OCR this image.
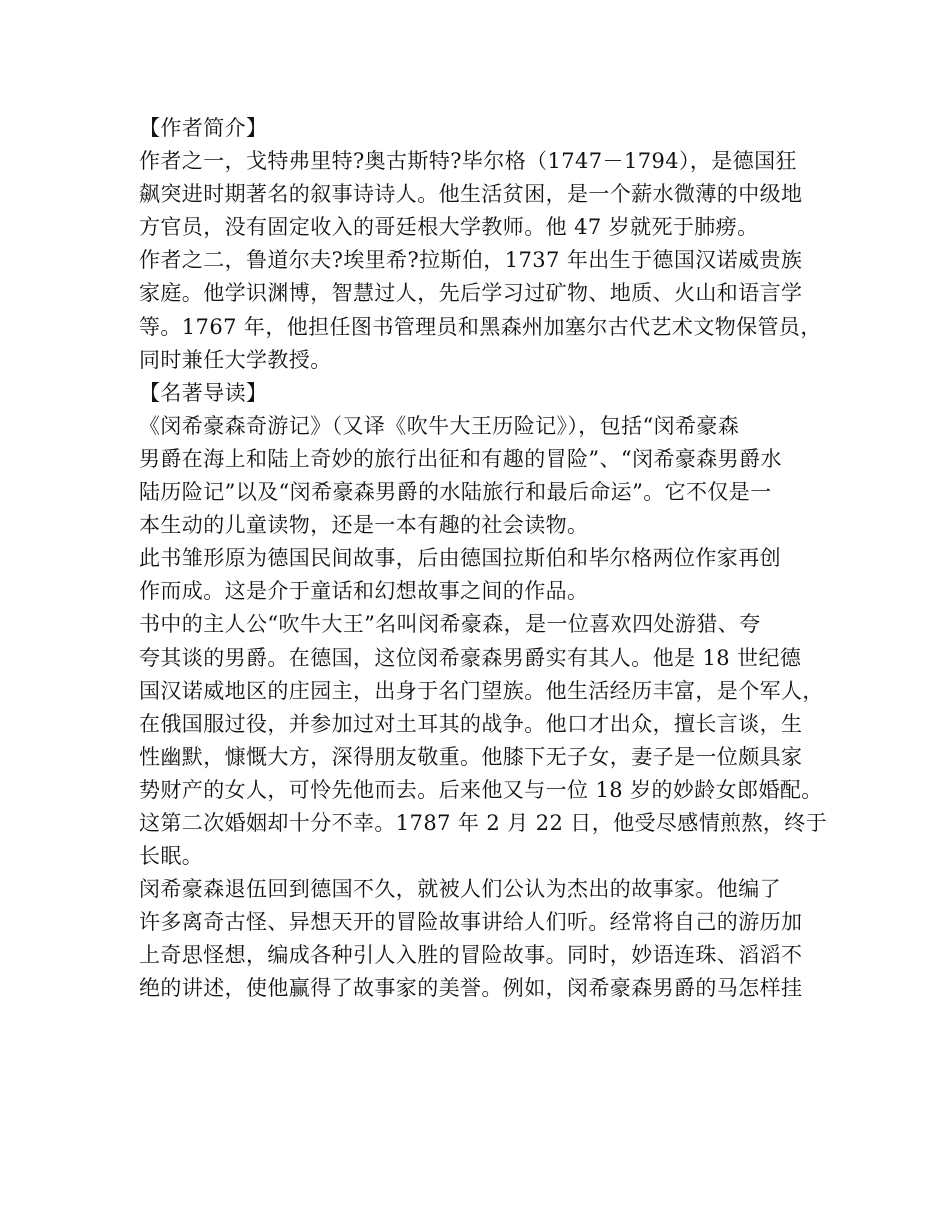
【作者简介】
作者之一，戈特弗里特?奥古斯特?毕尔格（1747－1794），是德国狂
飙突进时期著名的叙事诗诗人。他生活贫困，是一个薪水微薄的中级地
方官员，没有固定收入的哥廷根大学教师。他 47 岁就死于肺痨。
作者之二，鲁道尔夫?埃里希?拉斯伯，1737 年出生于德国汉诺威贵族
家庭。他学识渊博，智慧过人，先后学习过矿物、地质、火山和语言学
等。1767 年，他担任图书管理员和黑森州加塞尔古代艺术文物保管员，
同时兼任大学教授。
【名著导读】
《闵希豪森奇游记》（又译《吹牛大王历险记》），包括“闵希豪森
男爵在海上和陆上奇妙的旅行出征和有趣的冒险”、“闵希豪森男爵水
陆历险记”以及“闵希豪森男爵的水陆旅行和最后命运”。它不仅是一
本生动的儿童读物，还是一本有趣的社会读物。
此书雏形原为德国民间故事，后由德国拉斯伯和毕尔格两位作家再创
作而成。这是介于童话和幻想故事之间的作品。
书中的主人公“吹牛大王”名叫闵希豪森，是一位喜欢四处游猎、夸
夸其谈的男爵。在德国，这位闵希豪森男爵实有其人。他是 18 世纪德
国汉诺威地区的庄园主，出身于名门望族。他生活经历丰富，是个军人，
在俄国服过役，并参加过对土耳其的战争。他口才出众，擅长言谈，生
性幽默，慷慨大方，深得朋友敬重。他膝下无子女，妻子是一位颇具家
势财产的女人，可怜先他而去。后来他又与一位 18 岁的妙龄女郎婚配。
这第二次婚姻却十分不幸。1787 年 2 月 22 日，他受尽感情煎熬，终于
长眠。
闵希豪森退伍回到德国不久，就被人们公认为杰出的故事家。他编了
许多离奇古怪、异想天开的冒险故事讲给人们听。经常将自己的游历加
上奇思怪想，编成各种引人入胜的冒险故事。同时，妙语连珠、滔滔不
绝的讲述，使他赢得了故事家的美誉。例如，闵希豪森男爵的马怎样挂
